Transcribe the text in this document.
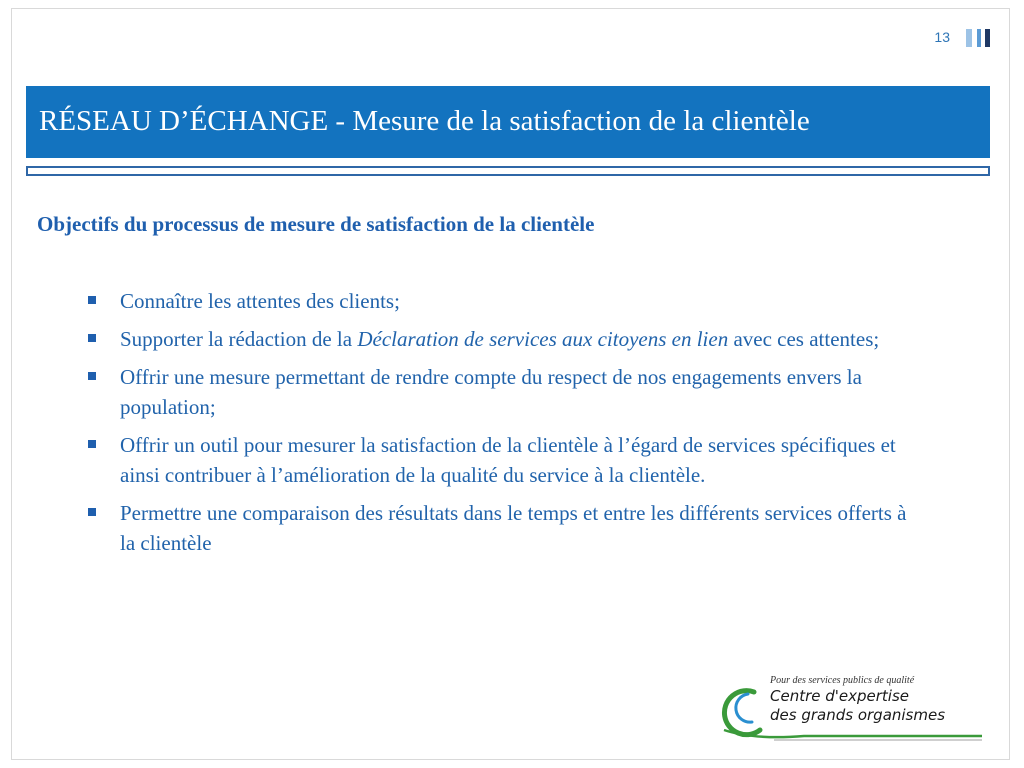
13
RÉSEAU D’ÉCHANGE - Mesure de la satisfaction de la clientèle
Objectifs du processus de mesure de satisfaction de la clientèle
Connaître les attentes des clients;
Supporter la rédaction de la Déclaration de services aux citoyens en lien avec ces attentes;
Offrir une mesure permettant de rendre compte du respect de nos engagements envers la population;
Offrir un outil pour mesurer la satisfaction de la clientèle à l’égard de services spécifiques et ainsi contribuer à l’amélioration de la qualité du service à la clientèle.
Permettre une comparaison des résultats dans le temps et entre les différents services offerts à la clientèle
Pour des services publics de qualité
Centre d'expertise
des grands organismes
